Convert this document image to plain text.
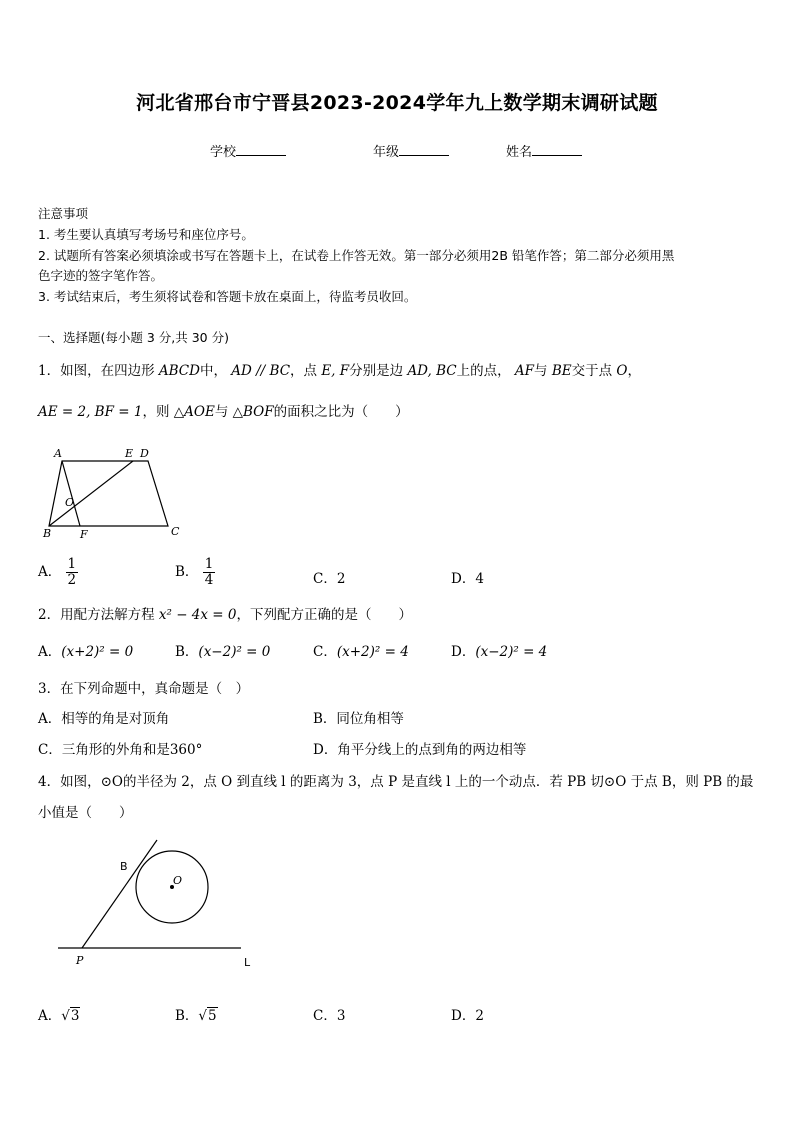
河北省邢台市宁晋县2023-2024学年九上数学期末调研试题
学校	年级	姓名
注意事项
1. 考生要认真填写考场号和座位序号。
2. 试题所有答案必须填涂或书写在答题卡上，在试卷上作答无效。第一部分必须用2B 铅笔作答；第二部分必须用黑
色字迹的签字笔作答。
3. 考试结束后，考生须将试卷和答题卡放在桌面上，待监考员收回。
一、选择题(每小题 3 分,共 30 分)
1．如图，在四边形 ABCD中， AD // BC，点 E, F分别是边 AD, BC上的点， AF与 BE交于点 O，
AE = 2, BF = 1，则 △AOE与 △BOF的面积之比为（　　）
A	E D
O
B	F	C
A． $\frac{1}{2}$	B． $\frac{1}{4}$	C．2	D．4
2．用配方法解方程 x² − 4x = 0，下列配方正确的是（　　）
A．(x+2)² = 0	B．(x−2)² = 0	C．(x+2)² = 4	D．(x−2)² = 4
3．在下列命题中，真命题是（　）
A．相等的角是对顶角	B．同位角相等
C．三角形的外角和是360°	D．角平分线上的点到角的两边相等
4．如图，⊙O的半径为 2，点 O 到直线 l 的距离为 3，点 P 是直线 l 上的一个动点．若 PB 切⊙O 于点 B，则 PB 的最
小值是（　　）
B
O
P	L
A．√3	B．√5	C．3	D．2
